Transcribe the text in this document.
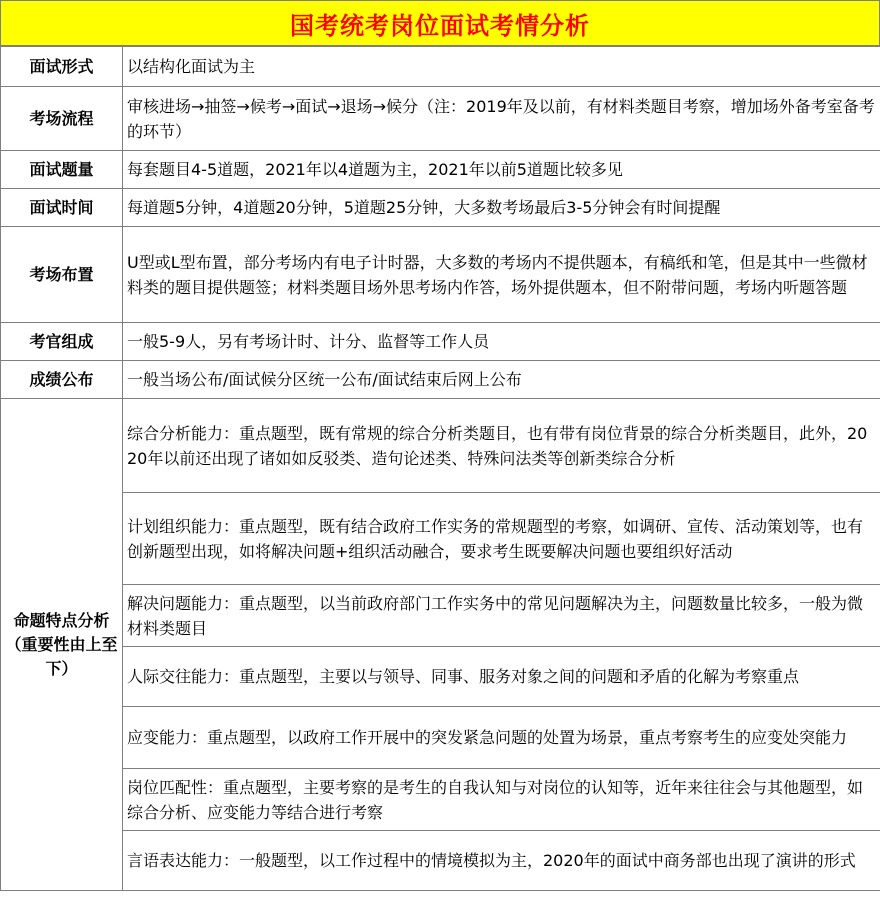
国考统考岗位面试考情分析
面试形式	以结构化面试为主
考场流程	审核进场→抽签→候考→面试→退场→候分（注：2019年及以前，有材料类题目考察，增加场外备考室备考的环节）
面试题量	每套题目4-5道题，2021年以4道题为主，2021年以前5道题比较多见
面试时间	每道题5分钟，4道题20分钟，5道题25分钟，大多数考场最后3-5分钟会有时间提醒
考场布置	U型或L型布置，部分考场内有电子计时器，大多数的考场内不提供题本，有稿纸和笔，但是其中一些微材料类的题目提供题签；材料类题目场外思考场内作答，场外提供题本，但不附带问题，考场内听题答题
考官组成	一般5-9人，另有考场计时、计分、监督等工作人员
成绩公布	一般当场公布/面试候分区统一公布/面试结束后网上公布

命题特点分析
（重要性由上至下）	综合分析能力：重点题型，既有常规的综合分析类题目，也有带有岗位背景的综合分析类题目，此外，2020年以前还出现了诸如如反驳类、造句论述类、特殊问法类等创新类综合分析
	计划组织能力：重点题型，既有结合政府工作实务的常规题型的考察，如调研、宣传、活动策划等，也有创新题型出现，如将解决问题+组织活动融合，要求考生既要解决问题也要组织好活动
	解决问题能力：重点题型，以当前政府部门工作实务中的常见问题解决为主，问题数量比较多，一般为微材料类题目
	人际交往能力：重点题型，主要以与领导、同事、服务对象之间的问题和矛盾的化解为考察重点
	应变能力：重点题型，以政府工作开展中的突发紧急问题的处置为场景，重点考察考生的应变处突能力
	岗位匹配性：重点题型，主要考察的是考生的自我认知与对岗位的认知等，近年来往往会与其他题型，如综合分析、应变能力等结合进行考察
	言语表达能力：一般题型，以工作过程中的情境模拟为主，2020年的面试中商务部也出现了演讲的形式
